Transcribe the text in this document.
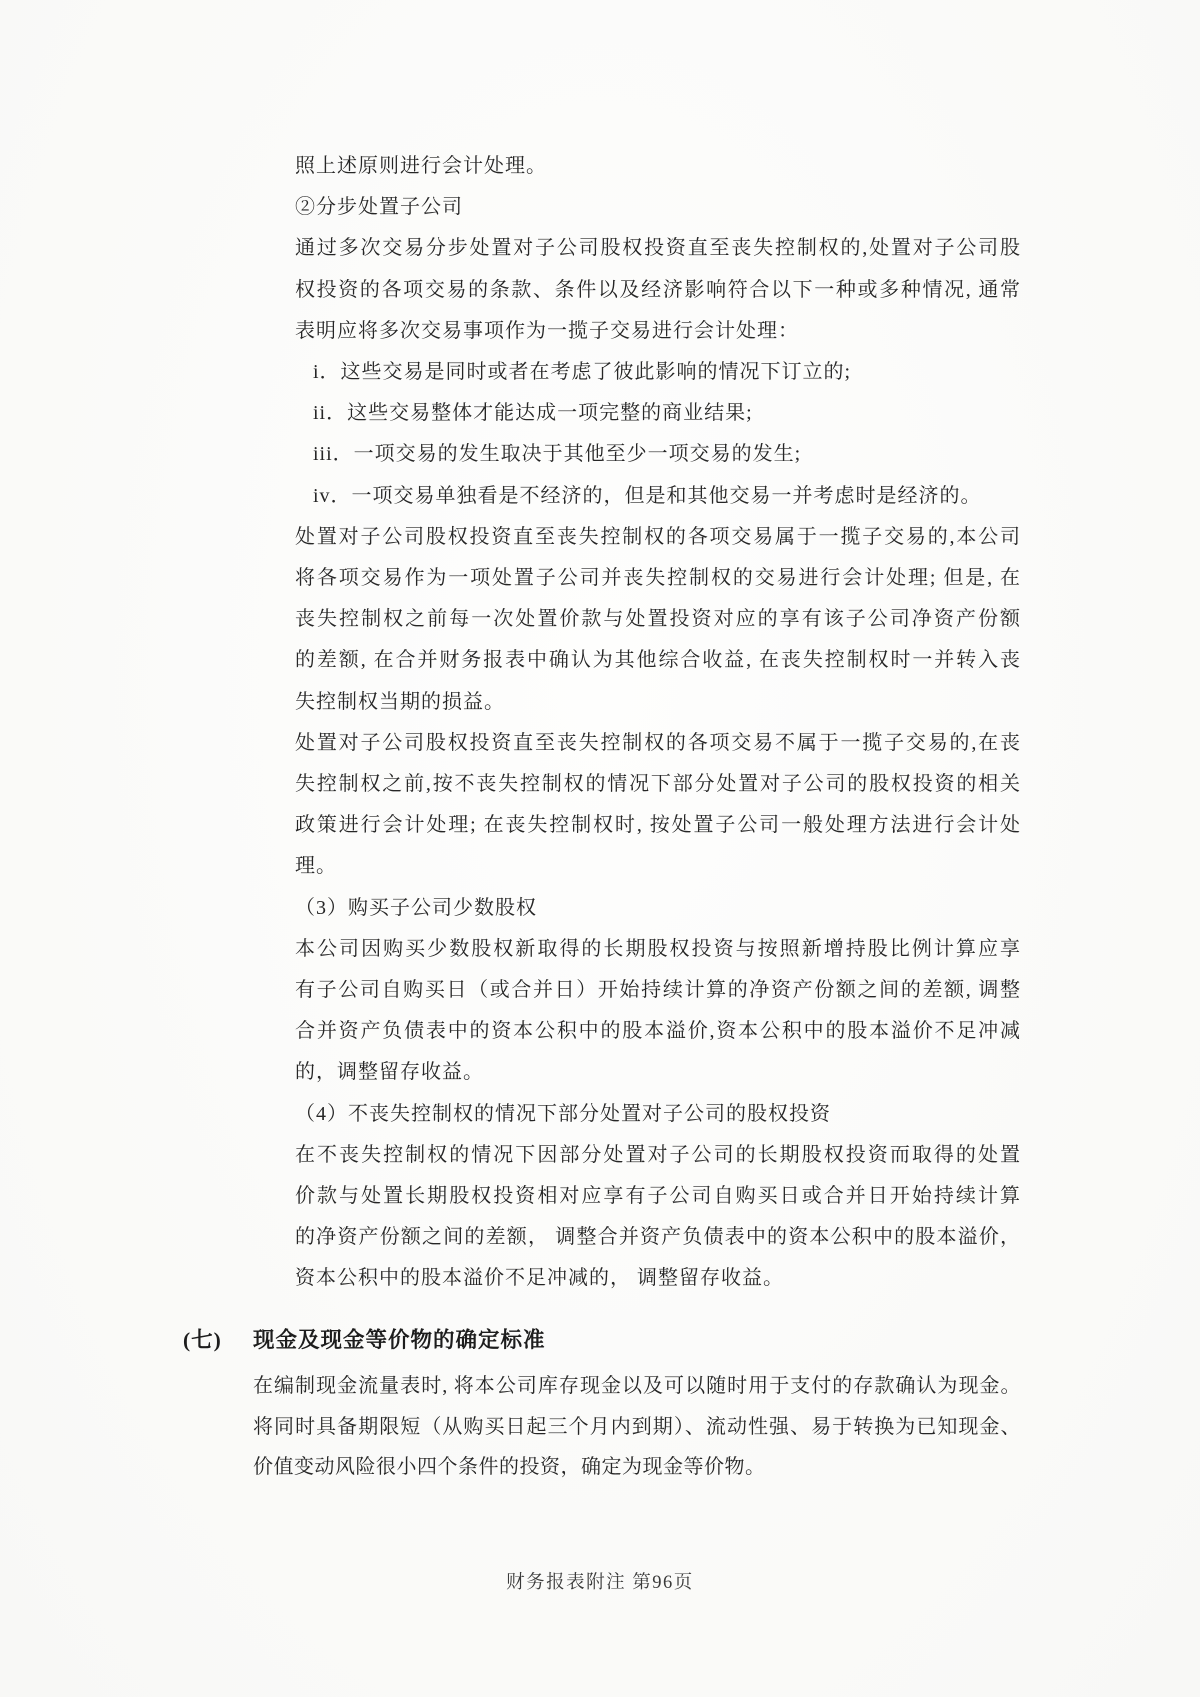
照上述原则进行会计处理。
②分步处置子公司
通过多次交易分步处置对子公司股权投资直至丧失控制权的,处置对子公司股
权投资的各项交易的条款、条件以及经济影响符合以下一种或多种情况, 通常
表明应将多次交易事项作为一揽子交易进行会计处理：
i．这些交易是同时或者在考虑了彼此影响的情况下订立的;
ii．这些交易整体才能达成一项完整的商业结果;
iii．一项交易的发生取决于其他至少一项交易的发生;
iv．一项交易单独看是不经济的，但是和其他交易一并考虑时是经济的。
处置对子公司股权投资直至丧失控制权的各项交易属于一揽子交易的,本公司
将各项交易作为一项处置子公司并丧失控制权的交易进行会计处理; 但是, 在
丧失控制权之前每一次处置价款与处置投资对应的享有该子公司净资产份额
的差额, 在合并财务报表中确认为其他综合收益, 在丧失控制权时一并转入丧
失控制权当期的损益。
处置对子公司股权投资直至丧失控制权的各项交易不属于一揽子交易的,在丧
失控制权之前,按不丧失控制权的情况下部分处置对子公司的股权投资的相关
政策进行会计处理; 在丧失控制权时, 按处置子公司一般处理方法进行会计处
理。
（3）购买子公司少数股权
本公司因购买少数股权新取得的长期股权投资与按照新增持股比例计算应享
有子公司自购买日（或合并日）开始持续计算的净资产份额之间的差额, 调整
合并资产负债表中的资本公积中的股本溢价,资本公积中的股本溢价不足冲减
的，调整留存收益。
（4）不丧失控制权的情况下部分处置对子公司的股权投资
在不丧失控制权的情况下因部分处置对子公司的长期股权投资而取得的处置
价款与处置长期股权投资相对应享有子公司自购买日或合并日开始持续计算
的净资产份额之间的差额， 调整合并资产负债表中的资本公积中的股本溢价，
资本公积中的股本溢价不足冲减的， 调整留存收益。
(七)	现金及现金等价物的确定标准
在编制现金流量表时, 将本公司库存现金以及可以随时用于支付的存款确认为现金。
将同时具备期限短（从购买日起三个月内到期）、流动性强、易于转换为已知现金、
价值变动风险很小四个条件的投资，确定为现金等价物。
财务报表附注 第96页
